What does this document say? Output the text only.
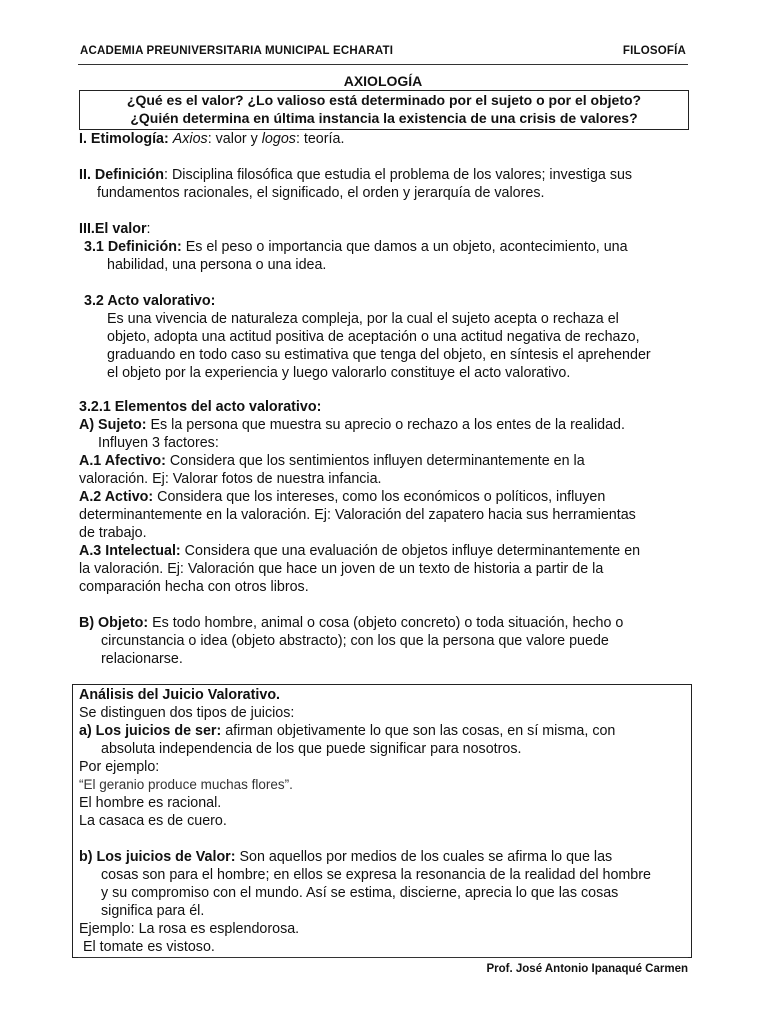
ACADEMIA PREUNIVERSITARIA MUNICIPAL ECHARATI	FILOSOFÍA
AXIOLOGÍA
¿Qué es el valor? ¿Lo valioso está determinado por el sujeto o por el objeto?
¿Quién determina en última instancia la existencia de una crisis de valores?
I. Etimología: Axios: valor y logos: teoría.
II. Definición: Disciplina filosófica que estudia el problema de los valores; investiga sus
fundamentos racionales, el significado, el orden y jerarquía de valores.
III.El valor:
3.1 Definición: Es el peso o importancia que damos a un objeto, acontecimiento, una
habilidad, una persona o una idea.
3.2 Acto valorativo:
Es una vivencia de naturaleza compleja, por la cual el sujeto acepta o rechaza el
objeto, adopta una actitud positiva de aceptación o una actitud negativa de rechazo,
graduando en todo caso su estimativa que tenga del objeto, en síntesis el aprehender
el objeto por la experiencia y luego valorarlo constituye el acto valorativo.
3.2.1 Elementos del acto valorativo:
A) Sujeto: Es la persona que muestra su aprecio o rechazo a los entes de la realidad.
Influyen 3 factores:
A.1 Afectivo: Considera que los sentimientos influyen determinantemente en la
valoración. Ej: Valorar fotos de nuestra infancia.
A.2 Activo: Considera que los intereses, como los económicos o políticos, influyen
determinantemente en la valoración. Ej: Valoración del zapatero hacia sus herramientas
de trabajo.
A.3 Intelectual: Considera que una evaluación de objetos influye determinantemente en
la valoración. Ej: Valoración que hace un joven de un texto de historia a partir de la
comparación hecha con otros libros.
B) Objeto: Es todo hombre, animal o cosa (objeto concreto) o toda situación, hecho o
circunstancia o idea (objeto abstracto); con los que la persona que valore puede
relacionarse.
Análisis del Juicio Valorativo.
Se distinguen dos tipos de juicios:
a) Los juicios de ser: afirman objetivamente lo que son las cosas, en sí misma, con
absoluta independencia de los que puede significar para nosotros.
Por ejemplo:
“El geranio produce muchas flores”.
El hombre es racional.
La casaca es de cuero.
b) Los juicios de Valor: Son aquellos por medios de los cuales se afirma lo que las
cosas son para el hombre; en ellos se expresa la resonancia de la realidad del hombre
y su compromiso con el mundo. Así se estima, discierne, aprecia lo que las cosas
significa para él.
Ejemplo: La rosa es esplendorosa.
El tomate es vistoso.
Prof. José Antonio Ipanaqué Carmen
